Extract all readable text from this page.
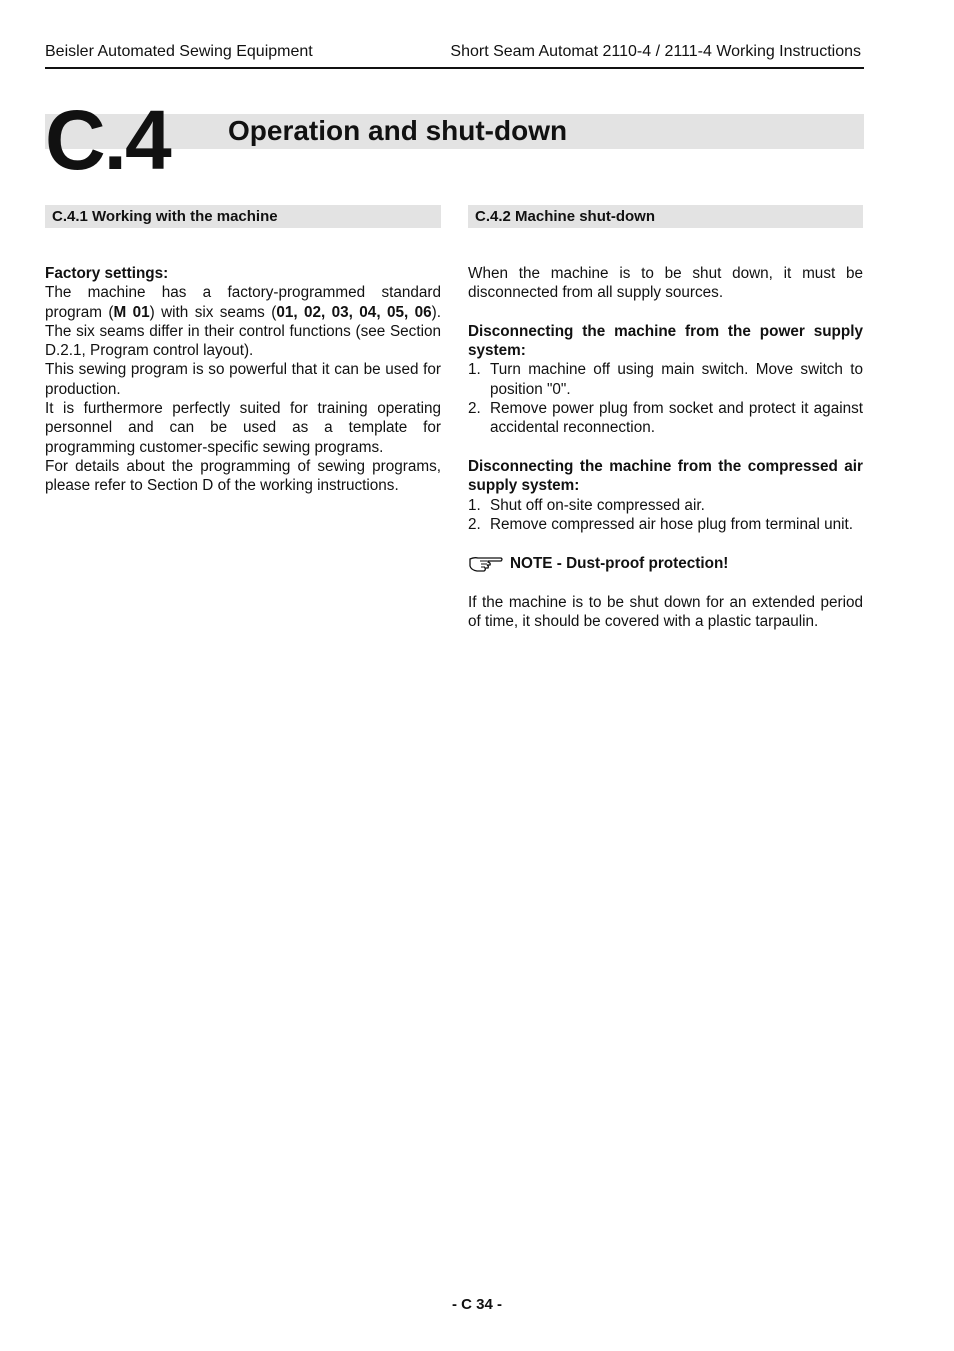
Beisler Automated Sewing Equipment	Short Seam Automat 2110-4 / 2111-4 Working Instructions
C.4 Operation and shut-down
C.4.1 Working with the machine	C.4.2 Machine shut-down

Factory settings:

The machine has a factory-programmed standard program (M 01) with six seams (01, 02, 03, 04, 05, 06). The six seams differ in their control functions (see Section D.2.1, Program control layout).

This sewing program is so powerful that it can be used for production.

It is furthermore perfectly suited for training operating personnel and can be used as a template for programming customer-specific sewing programs.

For details about the programming of sewing programs, please refer to Section D of the working instructions.

When the machine is to be shut down, it must be disconnected from all supply sources.

Disconnecting the machine from the power supply system:

1. Turn machine off using main switch. Move switch to position "0".
2. Remove power plug from socket and protect it against accidental reconnection.

Disconnecting the machine from the compressed air supply system:

1. Shut off on-site compressed air.
2. Remove compressed air hose plug from terminal unit.
NOTE - Dust-proof protection!

If the machine is to be shut down for an extended period of time, it should be covered with a plastic tarpaulin.

- C 34 -
